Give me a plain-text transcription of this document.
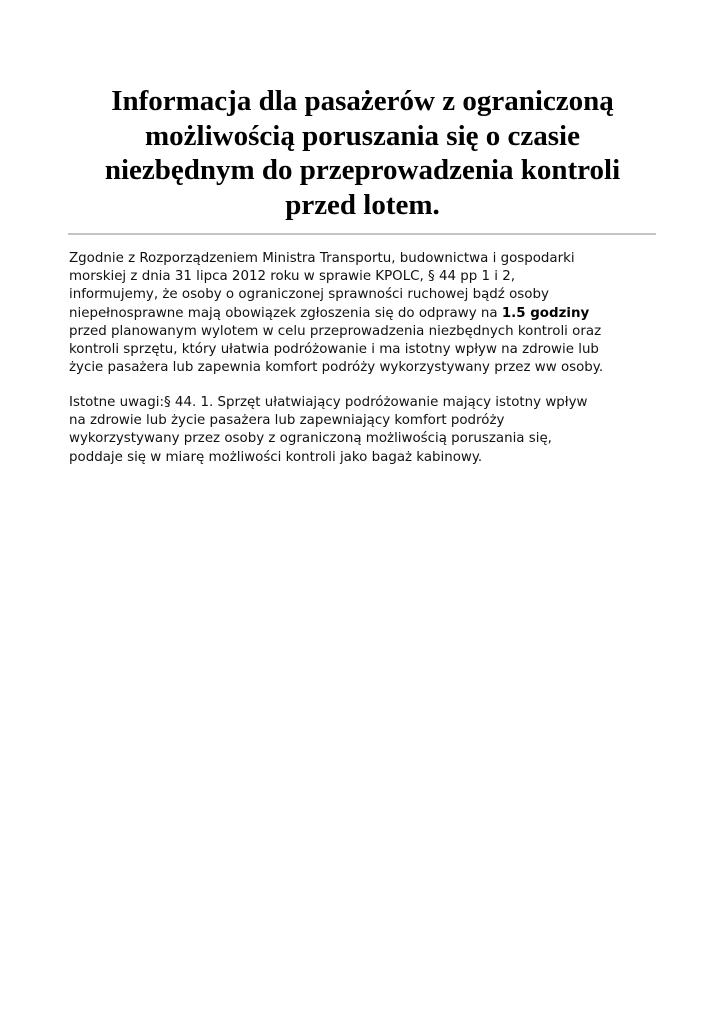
Informacja dla pasażerów z ograniczoną
możliwością poruszania się o czasie
niezbędnym do przeprowadzenia kontroli
przed lotem.

Zgodnie z Rozporządzeniem Ministra Transportu, budownictwa i gospodarki
morskiej z dnia 31 lipca 2012 roku w sprawie KPOLC, § 44 pp 1 i 2,
informujemy, że osoby o ograniczonej sprawności ruchowej bądź osoby
niepełnosprawne mają obowiązek zgłoszenia się do odprawy na 1.5 godziny
przed planowanym wylotem w celu przeprowadzenia niezbędnych kontroli oraz
kontroli sprzętu, który ułatwia podróżowanie i ma istotny wpływ na zdrowie lub
życie pasażera lub zapewnia komfort podróży wykorzystywany przez ww osoby.

Istotne uwagi:§ 44. 1. Sprzęt ułatwiający podróżowanie mający istotny wpływ
na zdrowie lub życie pasażera lub zapewniający komfort podróży
wykorzystywany przez osoby z ograniczoną możliwością poruszania się,
poddaje się w miarę możliwości kontroli jako bagaż kabinowy.
